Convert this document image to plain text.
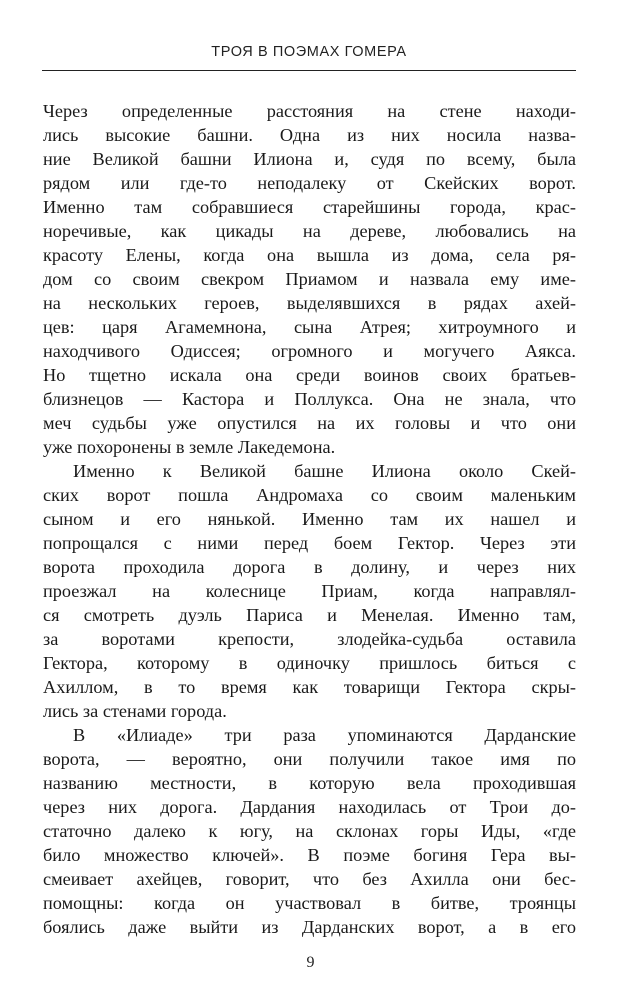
ТРОЯ В ПОЭМАХ ГОМЕРА
Через определенные расстояния на стене находи-
лись высокие башни. Одна из них носила назва-
ние Великой башни Илиона и, судя по всему, была
рядом или где-то неподалеку от Скейских ворот.
Именно там собравшиеся старейшины города, крас-
норечивые, как цикады на дереве, любовались на
красоту Елены, когда она вышла из дома, села ря-
дом со своим свекром Приамом и назвала ему име-
на нескольких героев, выделявшихся в рядах ахей-
цев: царя Агамемнона, сына Атрея; хитроумного и
находчивого Одиссея; огромного и могучего Аякса.
Но тщетно искала она среди воинов своих братьев-
близнецов — Кастора и Поллукса. Она не знала, что
меч судьбы уже опустился на их головы и что они
уже похоронены в земле Лакедемона.
Именно к Великой башне Илиона около Скей-
ских ворот пошла Андромаха со своим маленьким
сыном и его нянькой. Именно там их нашел и
попрощался с ними перед боем Гектор. Через эти
ворота проходила дорога в долину, и через них
проезжал на колеснице Приам, когда направлял-
ся смотреть дуэль Париса и Менелая. Именно там,
за воротами крепости, злодейка-судьба оставила
Гектора, которому в одиночку пришлось биться с
Ахиллом, в то время как товарищи Гектора скры-
лись за стенами города.
В «Илиаде» три раза упоминаются Дарданские
ворота, — вероятно, они получили такое имя по
названию местности, в которую вела проходившая
через них дорога. Дардания находилась от Трои до-
статочно далеко к югу, на склонах горы Иды, «где
било множество ключей». В поэме богиня Гера вы-
смеивает ахейцев, говорит, что без Ахилла они бес-
помощны: когда он участвовал в битве, троянцы
боялись даже выйти из Дарданских ворот, а в его
9
